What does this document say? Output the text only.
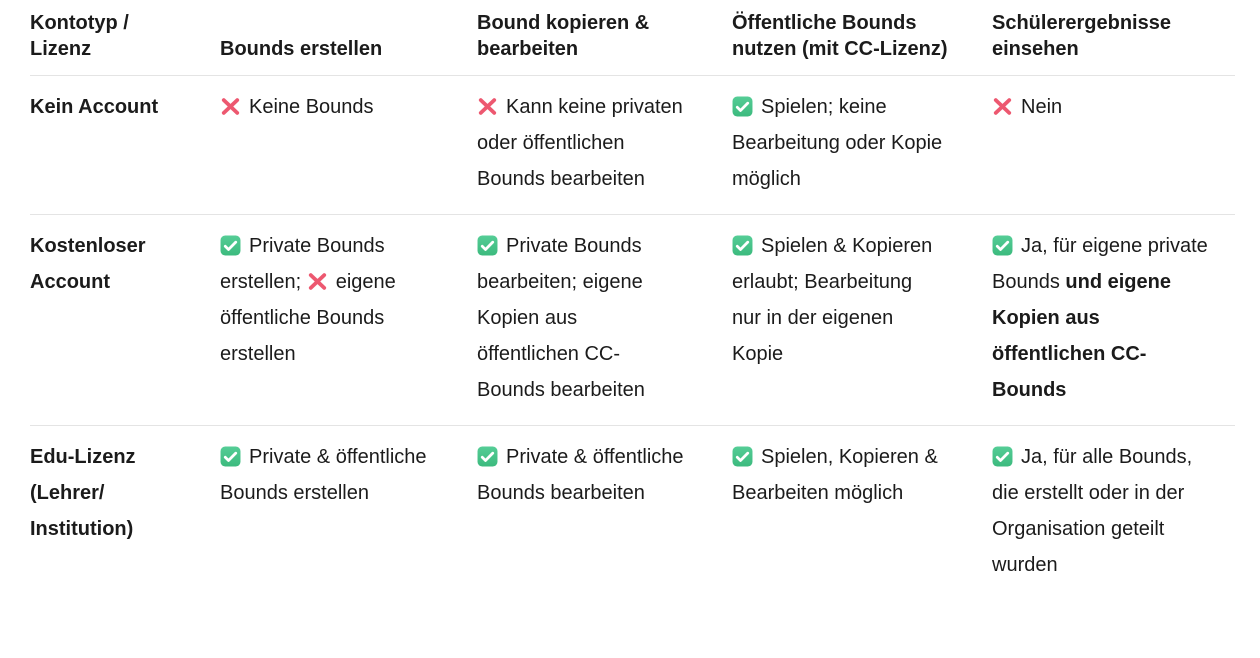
Kontotyp /​ Lizenz	Bounds erstellen	Bound kopieren & bearbeiten	Öffentliche Bounds nutzen (mit CC-Lizenz)	Schülerergebnisse einsehen
Kein Account	Keine Bounds	Kann keine privaten oder öffentlichen Bounds bearbeiten	Spielen; keine Bearbeitung oder Kopie möglich	Nein
Kostenloser Account	Private Bounds erstellen; eigene öffentliche Bounds erstellen	Private Bounds bearbeiten; eigene Kopien aus öffentlichen CC-Bounds bearbeiten	Spielen & Kopieren erlaubt; Bearbeitung nur in der eigenen Kopie	Ja, für eigene private Bounds und eigene Kopien aus öffentlichen CC-Bounds
Edu-Lizenz (Lehrer/​Institution)	Private & öffentliche Bounds erstellen	Private & öffentliche Bounds bearbeiten	Spielen, Kopieren & Bearbeiten möglich	Ja, für alle Bounds, die erstellt oder in der Organisation geteilt wurden
